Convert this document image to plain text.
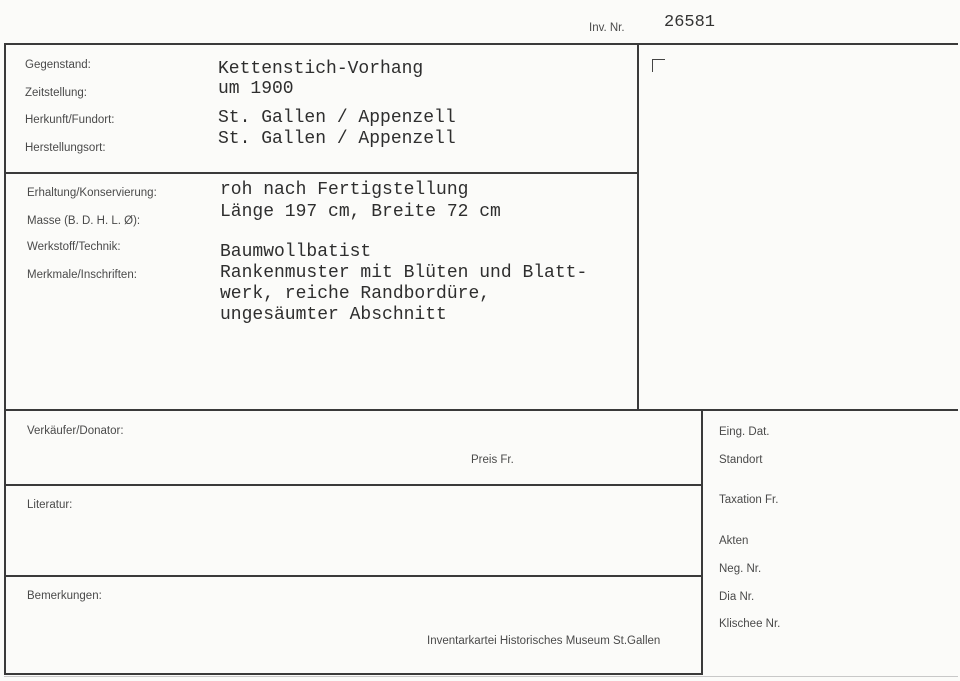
Inv. Nr. 26581
Gegenstand:
Zeitstellung:
Herkunft/Fundort:
Herstellungsort:
Kettenstich-Vorhang
um 1900
St. Gallen / Appenzell
St. Gallen / Appenzell
Erhaltung/Konservierung:
Masse (B. D. H. L. Ø):
Werkstoff/Technik:
Merkmale/Inschriften:
roh nach Fertigstellung
Länge 197 cm, Breite 72 cm
Baumwollbatist
Rankenmuster mit Blüten und Blatt-
werk, reiche Randbordüre,
ungesäumter Abschnitt
Verkäufer/Donator:
Preis Fr.
Literatur:
Bemerkungen:
Inventarkartei Historisches Museum St.Gallen
Eing. Dat.
Standort
Taxation Fr.
Akten
Neg. Nr.
Dia Nr.
Klischee Nr.
